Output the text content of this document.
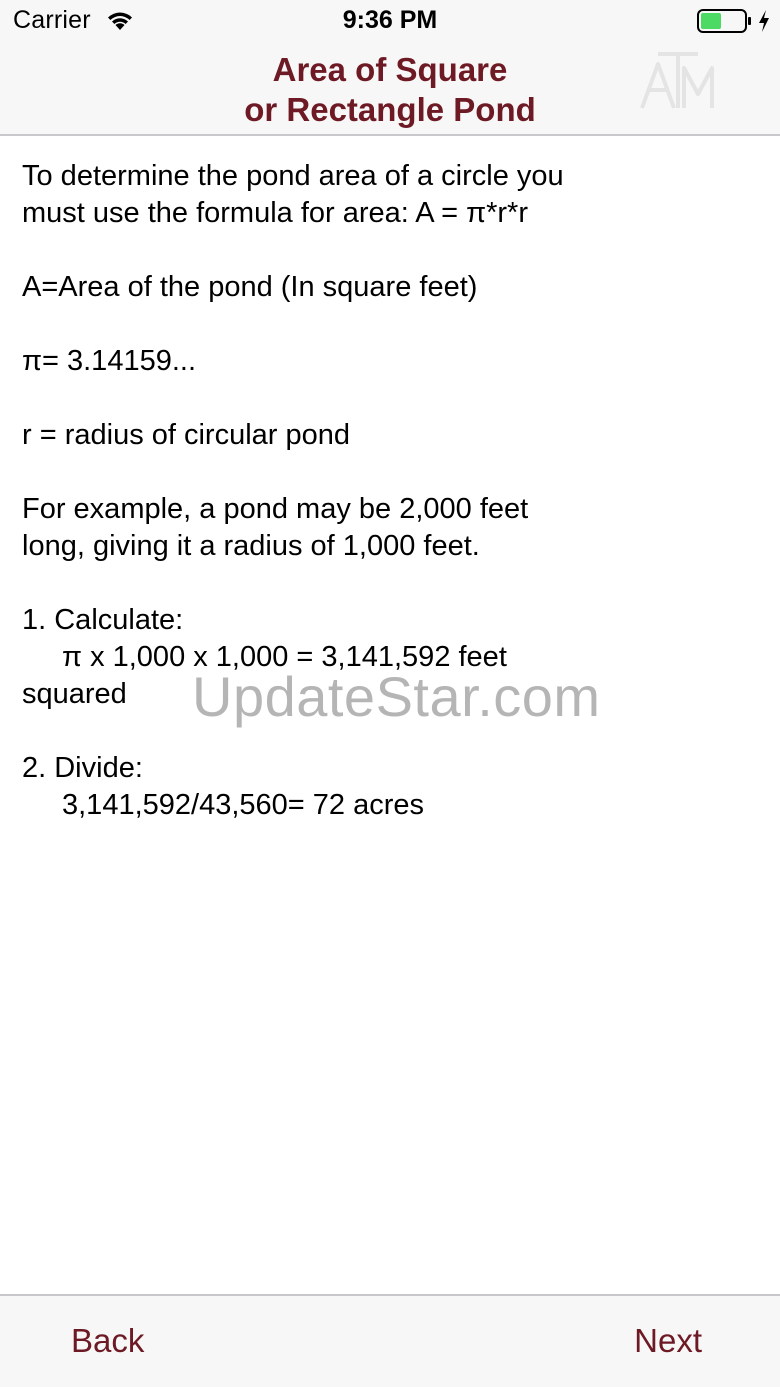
Carrier	9:36 PM
Area of Square
or Rectangle Pond

To determine the pond area of a circle you
must use the formula for area: A = π*r*r

A=Area of the pond (In square feet)

π= 3.14159...

r = radius of circular pond

For example, a pond may be 2,000 feet
long, giving it a radius of 1,000 feet.

1. Calculate:
π x 1,000 x 1,000 = 3,141,592 feet
squared

2. Divide:
3,141,592/43,560= 72 acres

UpdateStar.com
Back	Next
